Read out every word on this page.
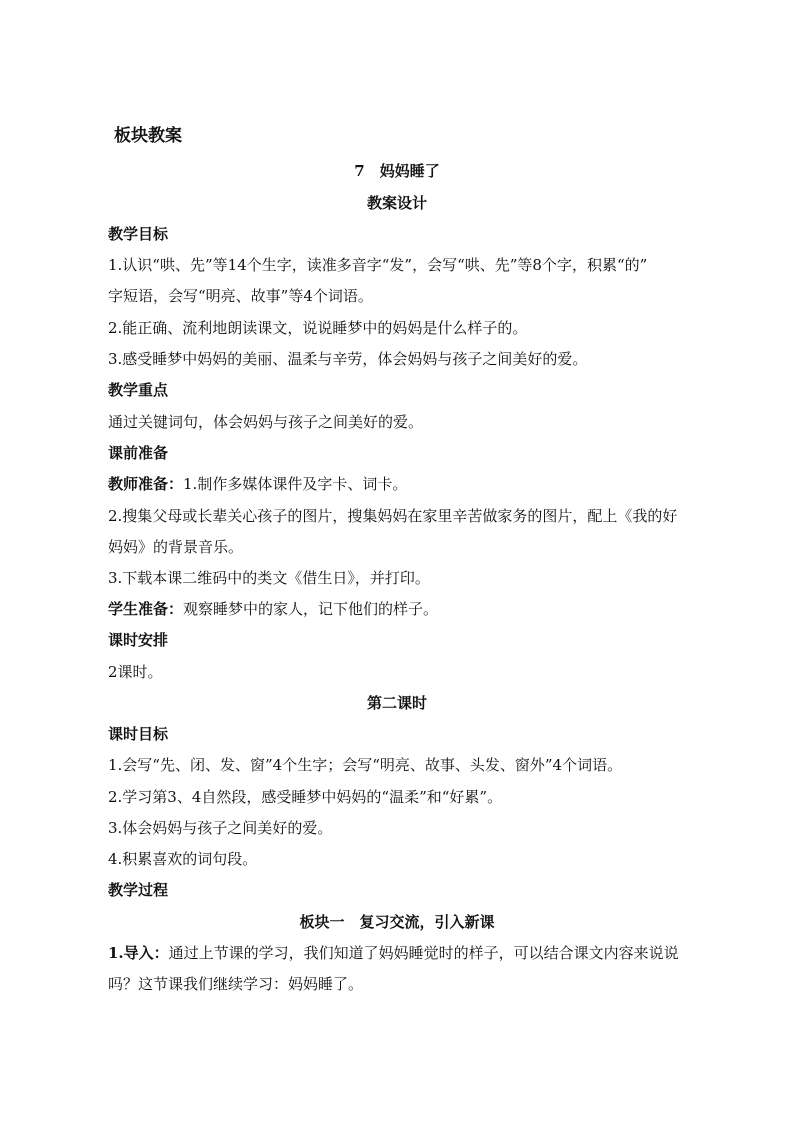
板块教案
7　 妈妈睡了
教案设计
教学目标
1.认识“哄、先”等14个生字，读准多音字“发”，会写“哄、先”等8个字，积累“的”
字短语，会写“明亮、故事”等4个词语。
2.能正确、流利地朗读课文，说说睡梦中的妈妈是什么样子的。
3.感受睡梦中妈妈的美丽、温柔与辛劳，体会妈妈与孩子之间美好的爱。
教学重点
通过关键词句，体会妈妈与孩子之间美好的爱。
课前准备
教师准备：1.制作多媒体课件及字卡、词卡。
2.搜集父母或长辈关心孩子的图片，搜集妈妈在家里辛苦做家务的图片，配上《我的好
妈妈》的背景音乐。
3.下载本课二维码中的类文《借生日》，并打印。
学生准备：观察睡梦中的家人，记下他们的样子。
课时安排
2课时。
第二课时
课时目标
1.会写“先、闭、发、窗”4个生字；会写“明亮、故事、头发、窗外”4个词语。
2.学习第3、4自然段，感受睡梦中妈妈的“温柔”和“好累”。
3.体会妈妈与孩子之间美好的爱。
4.积累喜欢的词句段。
教学过程
板块一　复习交流，引入新课
1.导入：通过上节课的学习，我们知道了妈妈睡觉时的样子，可以结合课文内容来说说
吗？这节课我们继续学习：妈妈睡了。
